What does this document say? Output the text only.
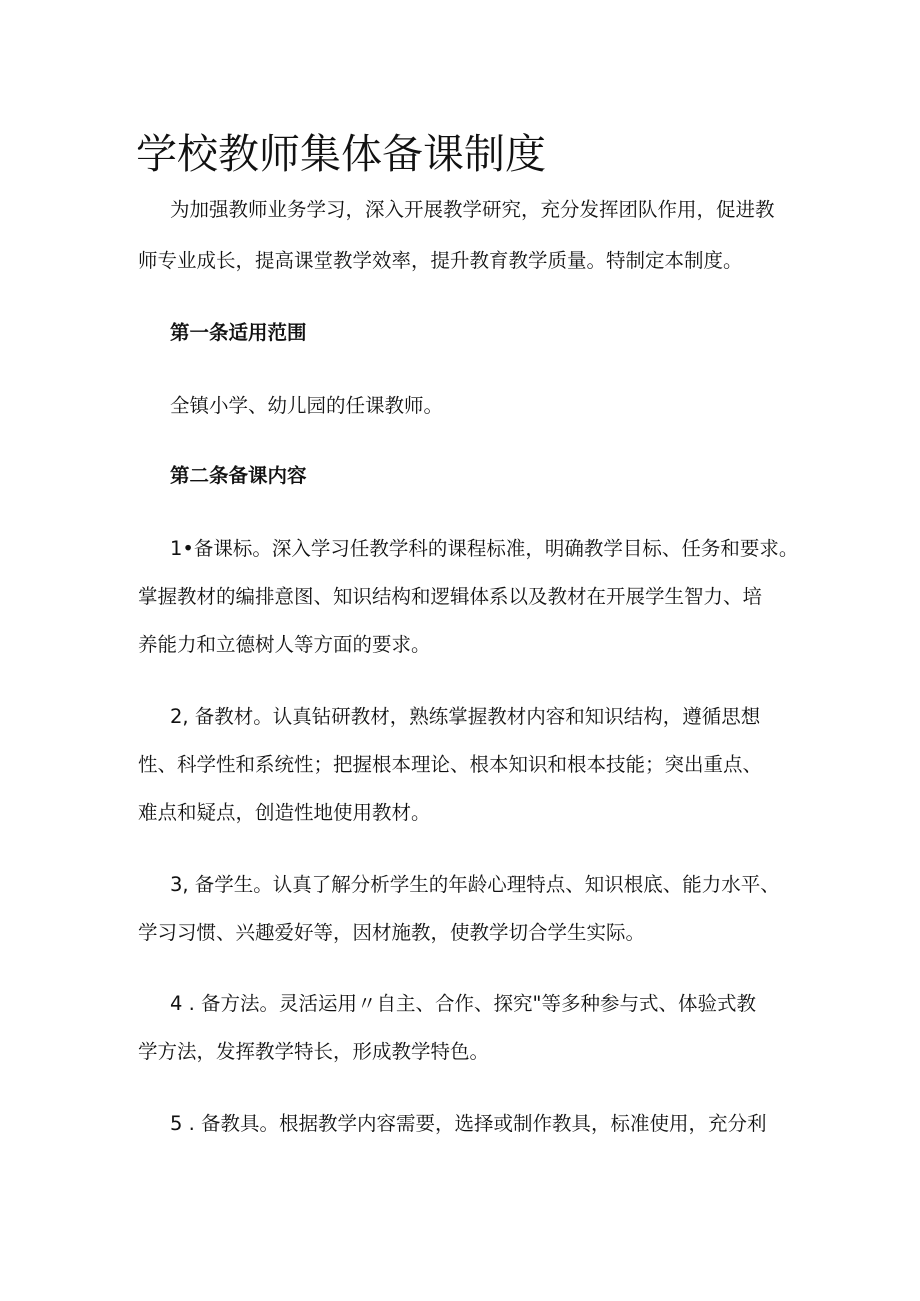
学校教师集体备课制度

为加强教师业务学习，深入开展教学研究，充分发挥团队作用，促进教

师专业成长，提高课堂教学效率，提升教育教学质量。特制定本制度。

第一条适用范围

全镇小学、幼儿园的任课教师。

第二条备课内容

1•备课标。深入学习任教学科的课程标准，明确教学目标、任务和要求。

掌握教材的编排意图、知识结构和逻辑体系以及教材在开展学生智力、培

养能力和立德树人等方面的要求。

2, 备教材。认真钻研教材，熟练掌握教材内容和知识结构，遵循思想

性、科学性和系统性；把握根本理论、根本知识和根本技能；突出重点、

难点和疑点，创造性地使用教材。

3, 备学生。认真了解分析学生的年龄心理特点、知识根底、能力水平、

学习习惯、兴趣爱好等，因材施教，使教学切合学生实际。

4 . 备方法。灵活运用〃自主、合作、探究"等多种参与式、体验式教

学方法，发挥教学特长，形成教学特色。

5 . 备教具。根据教学内容需要，选择或制作教具，标准使用，充分利
